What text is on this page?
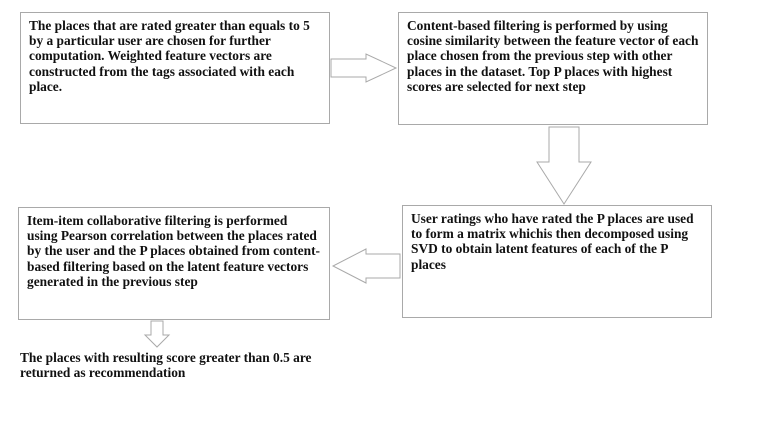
The places that are rated greater than equals to 5 by a particular user are chosen for further computation. Weighted feature vectors are constructed from the tags associated with each place.
Content-based filtering is performed by using cosine similarity between the feature vector of each place chosen from the previous step with other places in the dataset. Top P places with highest scores are selected for next step
User ratings who have rated the P places are used to form a matrix whichis then decomposed using SVD to obtain latent features of each of the P places
Item-item collaborative filtering is performed using Pearson correlation between the places rated by the user and the P places obtained from content-based filtering based on the latent feature vectors generated in the previous step
The places with resulting score greater than 0.5 are returned as recommendation
